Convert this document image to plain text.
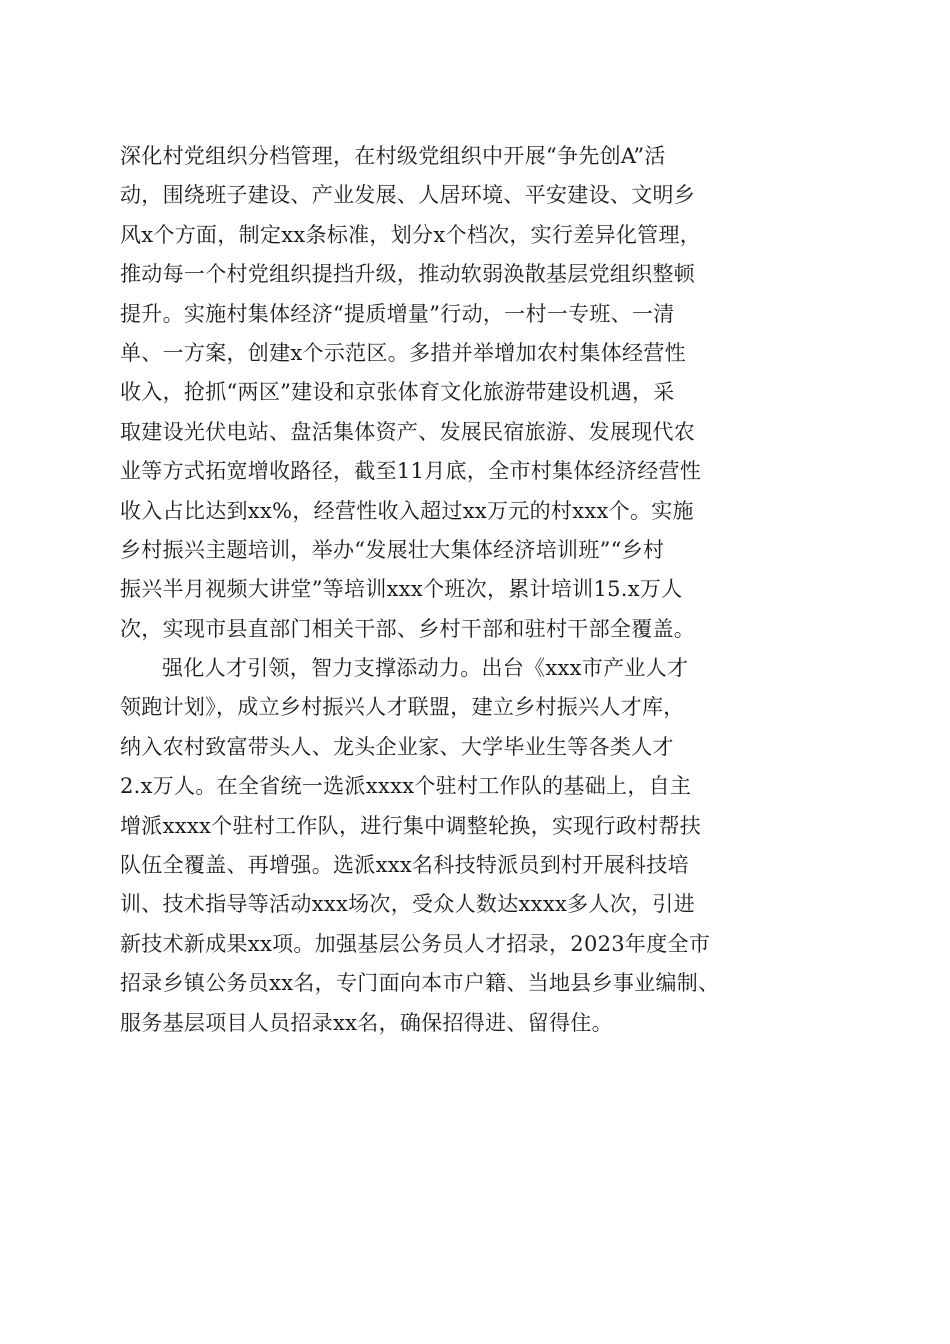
深化村党组织分档管理，在村级党组织中开展“争先创A”活
动，围绕班子建设、产业发展、人居环境、平安建设、文明乡
风x个方面，制定xx条标准，划分x个档次，实行差异化管理，
推动每一个村党组织提挡升级，推动软弱涣散基层党组织整顿
提升。实施村集体经济“提质增量”行动，一村一专班、一清
单、一方案，创建x个示范区。多措并举增加农村集体经营性
收入，抢抓“两区”建设和京张体育文化旅游带建设机遇，采
取建设光伏电站、盘活集体资产、发展民宿旅游、发展现代农
业等方式拓宽增收路径，截至11月底，全市村集体经济经营性
收入占比达到xx%，经营性收入超过xx万元的村xxx个。实施
乡村振兴主题培训，举办“发展壮大集体经济培训班”“乡村
振兴半月视频大讲堂”等培训xxx个班次，累计培训15.x万人
次，实现市县直部门相关干部、乡村干部和驻村干部全覆盖。
强化人才引领，智力支撑添动力。出台《xxx市产业人才
领跑计划》，成立乡村振兴人才联盟，建立乡村振兴人才库，
纳入农村致富带头人、龙头企业家、大学毕业生等各类人才
2.x万人。在全省统一选派xxxx个驻村工作队的基础上，自主
增派xxxx个驻村工作队，进行集中调整轮换，实现行政村帮扶
队伍全覆盖、再增强。选派xxx名科技特派员到村开展科技培
训、技术指导等活动xxx场次，受众人数达xxxx多人次，引进
新技术新成果xx项。加强基层公务员人才招录，2023年度全市
招录乡镇公务员xx名，专门面向本市户籍、当地县乡事业编制、
服务基层项目人员招录xx名，确保招得进、留得住。
